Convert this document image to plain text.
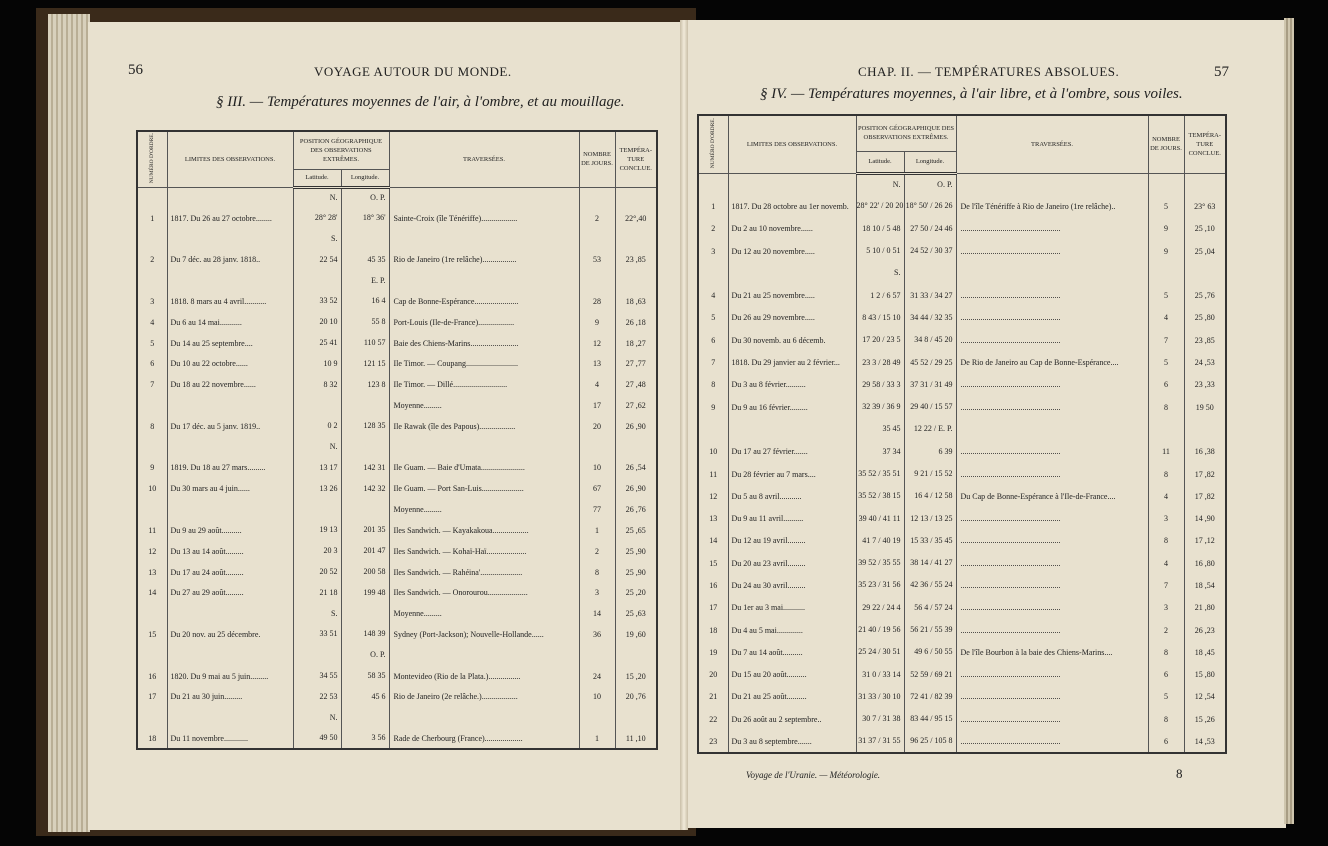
56	VOYAGE AUTOUR DU MONDE.
§ III. — Températures moyennes de l'air, à l'ombre, et au mouillage.
CHAP. II. — TEMPÉRATURES ABSOLUES.	57
§ IV. — Températures moyennes, à l'air libre, et à l'ombre, sous voiles.
NUMÉRO D'ORDRE.	LIMITES DES OBSERVATIONS.	POSITION GÉOGRAPHIQUE DES OBSERVATIONS EXTRÊMES.		TRAVERSÉES.	NOMBRE DE JOURS.	TEMPÉRA- TURE CONCLUE.
		Latitude.	Longitude.			
		N.	O. P.			
1	1817. Du 26 au 27 octobre........	28° 28'	18° 36'	Sainte-Croix (île Ténériffe)..................	2	22°,40
		S.				
2	Du 7 déc. au 28 janv. 1818..	22 54	45 35	Rio de Janeiro (1re relâche).................	53	23 ,85
			E. P.			
3	1818. 8 mars au 4 avril...........	33 52	16 4	Cap de Bonne-Espérance......................	28	18 ,63
4	Du 6 au 14 mai...........	20 10	55 8	Port-Louis (Ile-de-France)..................	9	26 ,18
5	Du 14 au 25 septembre....	25 41	110 57	Baie des Chiens-Marins........................	12	18 ,27
6	Du 10 au 22 octobre......	10 9	121 15	Ile Timor. — Coupang..........................	13	27 ,77
7	Du 18 au 22 novembre......	8 32	123 8	Ile Timor. — Dillé...........................	4	27 ,48
				Moyenne.........	17	27 ,62
8	Du 17 déc. au 5 janv. 1819..	0 2	128 35	Ile Rawak (île des Papous)..................	20	26 ,90
		N.				
9	1819. Du 18 au 27 mars.........	13 17	142 31	Ile Guam. — Baie d'Umata......................	10	26 ,54
10	Du 30 mars au 4 juin......	13 26	142 32	Ile Guam. — Port San-Luis.....................	67	26 ,90
				Moyenne.........	77	26 ,76
11	Du 9 au 29 août..........	19 13	201 35	Iles Sandwich. — Kayakakoua..................	1	25 ,65
12	Du 13 au 14 août.........	20 3	201 47	Iles Sandwich. — Kohaï-Haï....................	2	25 ,90
13	Du 17 au 24 août.........	20 52	200 58	Iles Sandwich. — Rahéina'.....................	8	25 ,90
14	Du 27 au 29 août.........	21 18	199 48	Iles Sandwich. — Onorourou....................	3	25 ,20
		S.		Moyenne.........	14	25 ,63
15	Du 20 nov. au 25 décembre.	33 51	148 39	Sydney (Port-Jackson); Nouvelle-Hollande......	36	19 ,60
			O. P.			
16	1820. Du 9 mai au 5 juin.........	34 55	58 35	Montevideo (Rio de la Plata.)................	24	15 ,20
17	Du 21 au 30 juin.........	22 53	45 6	Rio de Janeiro (2e relâche.)..................	10	20 ,76
		N.				
18	Du 11 novembre............	49 50	3 56	Rade de Cherbourg (France)...................	1	11 ,10
NUMÉRO D'ORDRE.	LIMITES DES OBSERVATIONS.	POSITION GÉOGRAPHIQUE DES OBSERVATIONS EXTRÊMES.		TRAVERSÉES.	NOMBRE DE JOURS.	TEMPÉRA- TURE CONCLUE.
		Latitude.	Longitude.			
		N.	O. P.			
1	1817. Du 28 octobre au 1er novemb.	28° 22' / 20 20	18° 50' / 26 26	De l'île Ténériffe à Rio de Janeiro (1re relâche)..	5	23° 63
2	Du 2 au 10 novembre......	18 10 / 5 48	27 50 / 24 46	..................................................	9	25 ,10
3	Du 12 au 20 novembre.....	5 10 / 0 51	24 52 / 30 37	..................................................	9	25 ,04
		S.				
4	Du 21 au 25 novembre.....	1 2 / 6 57	31 33 / 34 27	..................................................	5	25 ,76
5	Du 26 au 29 novembre.....	8 43 / 15 10	34 44 / 32 35	..................................................	4	25 ,80
6	Du 30 novemb. au 6 décemb.	17 20 / 23 5	34 8 / 45 20	..................................................	7	23 ,85
7	1818. Du 29 janvier au 2 février...	23 3 / 28 49	45 52 / 29 25	De Rio de Janeiro au Cap de Bonne-Espérance....	5	24 ,53
8	Du 3 au 8 février..........	29 58 / 33 3	37 31 / 31 49	..................................................	6	23 ,33
9	Du 9 au 16 février.........	32 39 / 36 9	29 40 / 15 57	..................................................	8	19 50
		35 45	12 22 / E. P.			
10	Du 17 au 27 février.......	37 34	6 39	..................................................	11	16 ,38
11	Du 28 février au 7 mars....	35 52 / 35 51	9 21 / 15 52	..................................................	8	17 ,82
12	Du 5 au 8 avril...........	35 52 / 38 15	16 4 / 12 58	Du Cap de Bonne-Espérance à l'Ile-de-France....	4	17 ,82
13	Du 9 au 11 avril..........	39 40 / 41 11	12 13 / 13 25	..................................................	3	14 ,90
14	Du 12 au 19 avril.........	41 7 / 40 19	15 33 / 35 45	..................................................	8	17 ,12
15	Du 20 au 23 avril.........	39 52 / 35 55	38 14 / 41 27	..................................................	4	16 ,80
16	Du 24 au 30 avril.........	35 23 / 31 56	42 36 / 55 24	..................................................	7	18 ,54
17	Du 1er au 3 mai...........	29 22 / 24 4	56 4 / 57 24	..................................................	3	21 ,80
18	Du 4 au 5 mai.............	21 40 / 19 56	56 21 / 55 39	..................................................	2	26 ,23
19	Du 7 au 14 août..........	25 24 / 30 51	49 6 / 50 55	De l'île Bourbon à la baie des Chiens-Marins....	8	18 ,45
20	Du 15 au 20 août..........	31 0 / 33 14	52 59 / 69 21	..................................................	6	15 ,80
21	Du 21 au 25 août..........	31 33 / 30 10	72 41 / 82 39	..................................................	5	12 ,54
22	Du 26 août au 2 septembre..	30 7 / 31 38	83 44 / 95 15	..................................................	8	15 ,26
23	Du 3 au 8 septembre.......	31 37 / 31 55	96 25 / 105 8	..................................................	6	14 ,53
Voyage de l'Uranie. — Météorologie.	8
